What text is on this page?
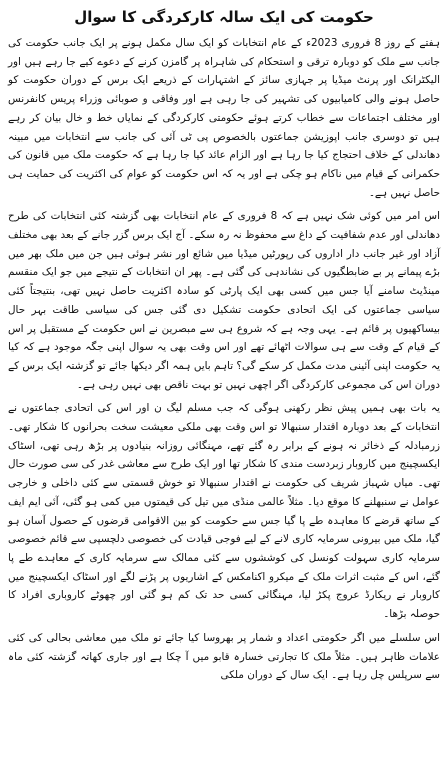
حکومت کی ایک سالہ کارکردگی کا سوال

ہفتے کے روز 8 فروری 2023ء کے عام انتخابات کو ایک سال مکمل ہونے پر ایک جانب حکومت کی جانب سے ملک کو دوبارہ ترقی و استحکام کی شاہراہ پر گامزن کرنے کے دعوے کیے جا رہے ہیں اور الیکٹرانک اور پرنٹ میڈیا پر جہازی سائز کے اشتہارات کے ذریعے ایک برس کے دوران حکومت کو حاصل ہونے والی کامیابیوں کی تشہیر کی جا رہی ہے اور وفاقی و صوبائی وزراء پریس کانفرنس اور مختلف اجتماعات سے خطاب کرتے ہوئے حکومتی کارکردگی کے نمایاں خط و خال بیان کر رہے ہیں تو دوسری جانب اپوزیشن جماعتوں بالخصوص پی ٹی آئی کی جانب سے انتخابات میں مبینہ دھاندلی کے خلاف احتجاج کیا جا رہا ہے اور الزام عائد کیا جا رہا ہے کہ حکومت ملک میں قانون کی حکمرانی کے قیام میں ناکام ہو چکی ہے اور یہ کہ اس حکومت کو عوام کی اکثریت کی حمایت ہی حاصل نہیں ہے۔

اس امر میں کوئی شک نہیں ہے کہ 8 فروری کے عام انتخابات بھی گزشتہ کئی انتخابات کی طرح دھاندلی اور عدم شفافیت کے داغ سے محفوظ نہ رہ سکے۔ آج ایک برس گزر جانے کے بعد بھی مختلف آزاد اور غیر جانب دار اداروں کی رپورٹیں میڈیا میں شائع اور نشر ہوئی ہیں جن میں ملک بھر میں بڑے پیمانے پر بے ضابطگیوں کی نشاندہی کی گئی ہے۔ پھر ان انتخابات کے نتیجے میں جو ایک منقسم مینڈیٹ سامنے آیا جس میں کسی بھی ایک پارٹی کو سادہ اکثریت حاصل نہیں تھی، بنتیجتاً کئی سیاسی جماعتوں کی ایک اتحادی حکومت تشکیل دی گئی جس کی سیاسی طاقت بہر حال بیساکھیوں پر قائم ہے۔ یہی وجہ ہے کہ شروع ہی سے مبصرین نے اس حکومت کے مستقبل پر اس کے قیام کے وقت سے ہی سوالات اٹھائے تھے اور اس وقت بھی یہ سوال اپنی جگہ موجود ہے کہ کیا یہ حکومت اپنی آئینی مدت مکمل کر سکے گی؟ تاہم بایں ہمہ اگر دیکھا جائے تو گزشتہ ایک برس کے دوران اس کی مجموعی کارکردگی اگر اچھی نہیں تو بہت ناقص بھی نہیں رہی ہے۔

یہ بات بھی ہمیں پیش نظر رکھنی ہوگی کہ جب مسلم لیگ ن اور اس کی اتحادی جماعتوں نے انتخابات کے بعد دوبارہ اقتدار سنبھالا تو اس وقت بھی ملکی معیشت سخت بحرانوں کا شکار تھی۔ زرمبادلہ کے ذخائر نہ ہونے کے برابر رہ گئے تھے، مہنگائی روزانہ بنیادوں پر بڑھ رہی تھی، اسٹاک ایکسچینج میں کاروبار زبردست مندی کا شکار تھا اور ایک طرح سے معاشی غدر کی سی صورت حال تھی۔ میاں شہباز شریف کی حکومت نے اقتدار سنبھالا تو خوش قسمتی سے کئی داخلی و خارجی عوامل نے سنبھلنے کا موقع دیا۔ مثلاً عالمی منڈی میں تیل کی قیمتوں میں کمی ہو گئی، آئی ایم ایف کے ساتھ قرضے کا معاہدہ طے پا گیا جس سے حکومت کو بین الاقوامی قرضوں کے حصول آسان ہو گیا، ملک میں بیرونی سرمایہ کاری لانے کے لیے فوجی قیادت کی خصوصی دلچسپی سے قائم خصوصی سرمایہ کاری سہولت کونسل کی کوششوں سے کئی ممالک سے سرمایہ کاری کے معاہدے طے پا گئے، اس کے مثبت اثرات ملک کے میکرو اکنامکس کے اشاریوں پر پڑنے لگے اور اسٹاک ایکسچینج میں کاروبار نے ریکارڈ عروج پکڑ لیا، مہنگائی کسی حد تک کم ہو گئی اور چھوٹے کاروباری افراد کا حوصلہ بڑھا۔

اس سلسلے میں اگر حکومتی اعداد و شمار پر بھروسا کیا جائے تو ملک میں معاشی بحالی کی کئی علامات ظاہر ہیں۔ مثلاً ملک کا تجارتی خسارہ قابو میں آ چکا ہے اور جاری کھاتہ گزشتہ کئی ماہ سے سرپلس چل رہا ہے۔ ایک سال کے دوران ملکی
